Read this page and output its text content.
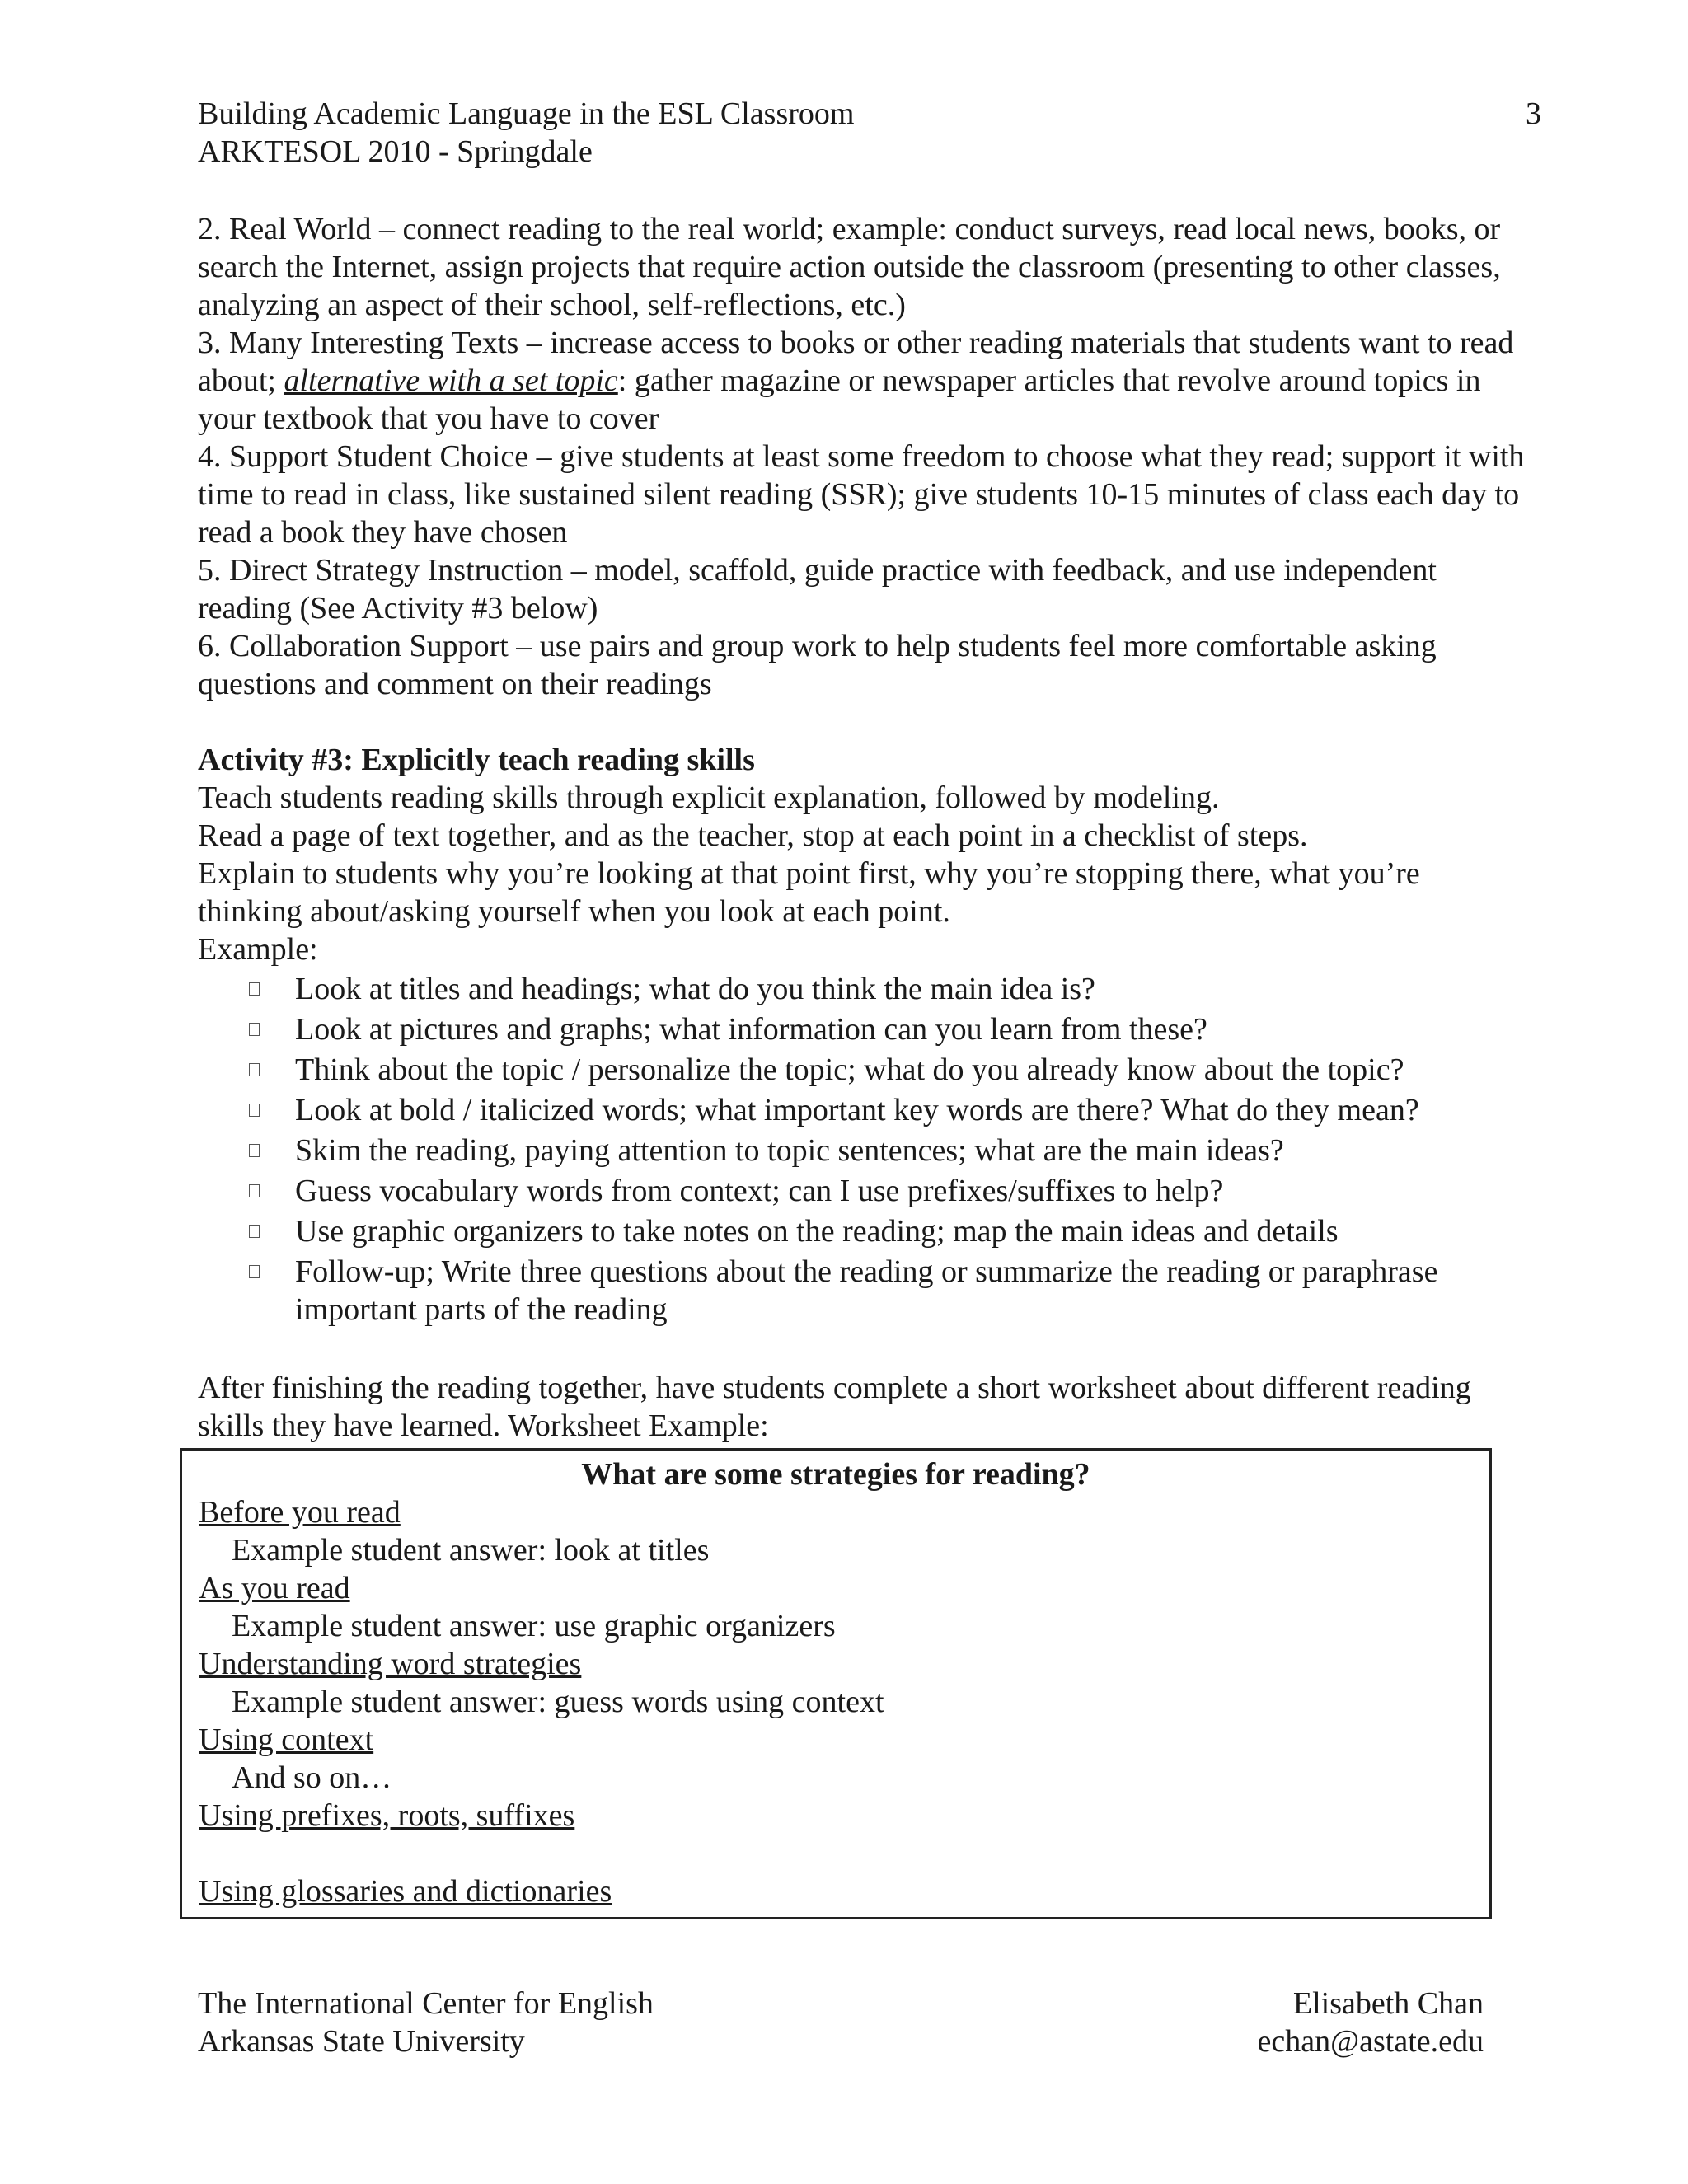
Building Academic Language in the ESL Classroom
ARKTESOL 2010 - Springdale
3

2. Real World – connect reading to the real world; example: conduct surveys, read local news, books, or search the Internet, assign projects that require action outside the classroom (presenting to other classes, analyzing an aspect of their school, self-reflections, etc.)

3. Many Interesting Texts – increase access to books or other reading materials that students want to read about; alternative with a set topic: gather magazine or newspaper articles that revolve around topics in your textbook that you have to cover

4. Support Student Choice – give students at least some freedom to choose what they read; support it with time to read in class, like sustained silent reading (SSR); give students 10-15 minutes of class each day to read a book they have chosen

5. Direct Strategy Instruction – model, scaffold, guide practice with feedback, and use independent reading (See Activity #3 below)

6. Collaboration Support – use pairs and group work to help students feel more comfortable asking questions and comment on their readings

Activity #3: Explicitly teach reading skills

Teach students reading skills through explicit explanation, followed by modeling.

Read a page of text together, and as the teacher, stop at each point in a checklist of steps.

Explain to students why you’re looking at that point first, why you’re stopping there, what you’re thinking about/asking yourself when you look at each point.

Example:

Look at titles and headings; what do you think the main idea is?
Look at pictures and graphs; what information can you learn from these?
Think about the topic / personalize the topic; what do you already know about the topic?
Look at bold / italicized words; what important key words are there? What do they mean?
Skim the reading, paying attention to topic sentences; what are the main ideas?
Guess vocabulary words from context; can I use prefixes/suffixes to help?
Use graphic organizers to take notes on the reading; map the main ideas and details
Follow-up; Write three questions about the reading or summarize the reading or paraphrase important parts of the reading

After finishing the reading together, have students complete a short worksheet about different reading skills they have learned. Worksheet Example:

What are some strategies for reading?
Before you read
Example student answer: look at titles
As you read
Example student answer: use graphic organizers
Understanding word strategies
Example student answer: guess words using context
Using context
And so on…
Using prefixes, roots, suffixes
Using glossaries and dictionaries
The International Center for English	Elisabeth Chan
Arkansas State University	echan@astate.edu
